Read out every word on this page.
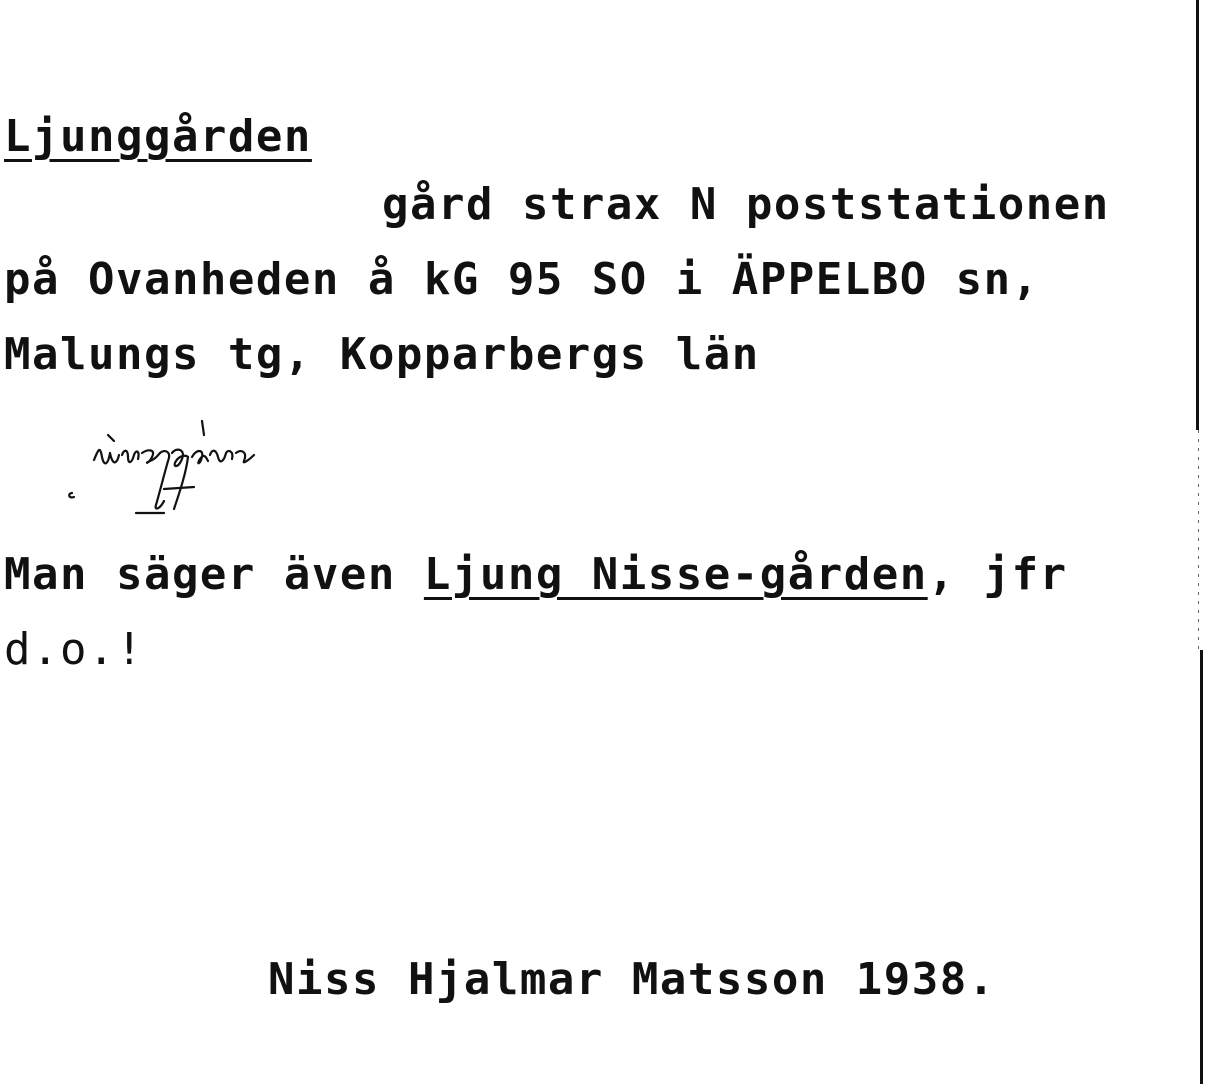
Ljunggården
gård strax N poststationen
på Ovanheden å kG 95 SO i ÄPPELBO sn,
Malungs tg, Kopparbergs län
Man säger även Ljung Nisse-gården, jfr
d.o.!
Niss Hjalmar Matsson 1938.
